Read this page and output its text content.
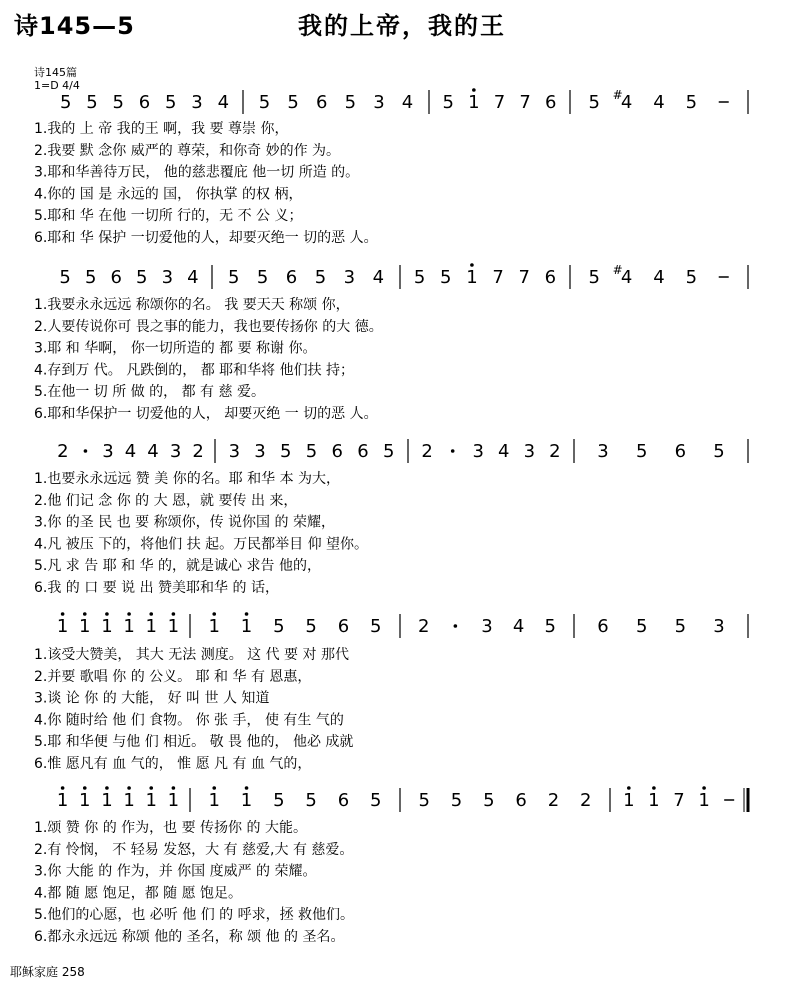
诗145—5	我的上帝，我的王
诗145篇
1=D 4/4
5 5 5 6 5 3 4 5 5 6 5 3 4 5 1 7 7 6 5 4
# 4 5
1.我的 上 帝 我的王 啊，我 要 尊崇 你，
2.我要 默 念你 威严的 尊荣，和你奇 妙的作 为。
3.耶和华善待万民， 他的慈悲覆庇 他一切 所造 的。
4.你的 国 是 永远的 国， 你执掌 的权 柄，
5.耶和 华 在他 一切所 行的，无 不 公 义；
6.耶和 华 保护 一切爱他的人，却要灭绝一 切的恶 人。
5 5 6 5 3 4 5 5 6 5 3 4 5 5 1 7 7 6 5 4
# 4 5
1.我要永永远远 称颂你的名。 我 要天天 称颂 你，
2.人要传说你可 畏之事的能力，我也要传扬你 的大 德。
3.耶 和 华啊， 你一切所造的 都 要 称谢 你。
4.存到万 代。 凡跌倒的， 都 耶和华将 他们扶 持；
5.在他一 切 所 做 的， 都 有 慈 爱。
6.耶和华保护一 切爱他的人， 却要灭绝 一 切的恶 人。
2 3 4 4 3 2 3 3 5 5 6 6 5 2 3 4 3 2 3 5 6 5
1.也要永永远远 赞 美 你的名。耶 和华 本 为大，
2.他 们记 念 你 的 大 恩，就 要传 出 来，
3.你 的圣 民 也 要 称颂你，传 说你国 的 荣耀，
4.凡 被压 下的，将他们 扶 起。万民都举目 仰 望你。
5.凡 求 告 耶 和 华 的，就是诚心 求告 他的，
6.我 的 口 要 说 出 赞美耶和华 的 话，
1 1 1 1 1 1 1 1 5 5 6 5 2	3 4 5 6 5 5 3
1.该受大赞美， 其大 无法 测度。 这 代 要 对 那代
2.并要 歌唱 你 的 公义。 耶 和 华 有 恩惠，
3.谈 论 你 的 大能， 好 叫 世 人 知道
4.你 随时给 他 们 食物。 你 张 手， 使 有生 气的
5.耶 和华便 与他 们 相近。 敬 畏 他的， 他必 成就
6.惟 愿凡有 血 气的， 惟 愿 凡 有 血 气的，
1 1 1 1 1 1 1 1 5 5 6 5 5 5 5 6 2 2 1 1 7 1
1.颂 赞 你 的 作为，也 要 传扬你 的 大能。
2.有 怜悯， 不 轻易 发怒，大 有 慈爱,大 有 慈爱。
3.你 大能 的 作为，并 你国 度威严 的 荣耀。
4.都 随 愿 饱足，都 随 愿 饱足。
5.他们的心愿，也 必听 他 们 的 呼求，拯 救他们。
6.都永永远远 称颂 他的 圣名，称 颂 他 的 圣名。
耶稣家庭 258
